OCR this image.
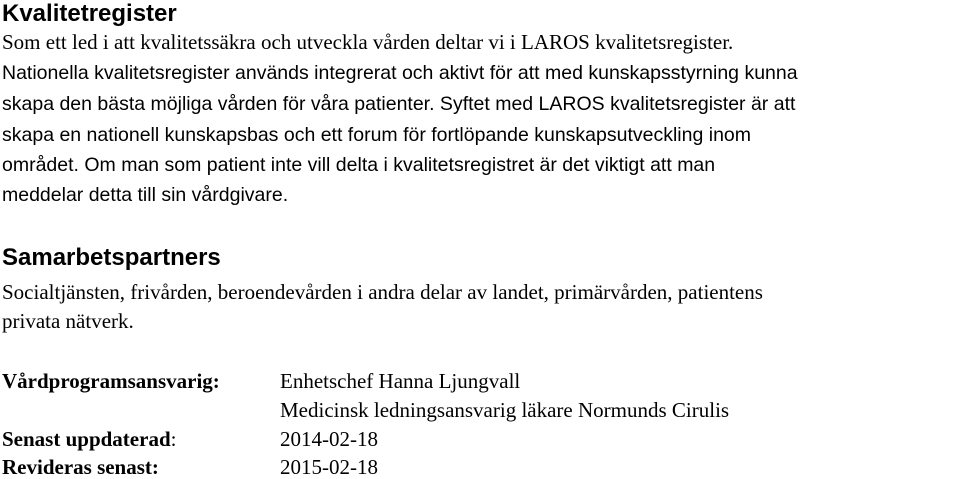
Kvalitetregister
Som ett led i att kvalitetssäkra och utveckla vården deltar vi i LAROS kvalitetsregister.
Nationella kvalitetsregister används integrerat och aktivt för att med kunskapsstyrning kunna
skapa den bästa möjliga vården för våra patienter. Syftet med LAROS kvalitetsregister är att
skapa en nationell kunskapsbas och ett forum för fortlöpande kunskapsutveckling inom
området. Om man som patient inte vill delta i kvalitetsregistret är det viktigt att man
meddelar detta till sin vårdgivare.
Samarbetspartners
Socialtjänsten, frivården, beroendevården i andra delar av landet, primärvården, patientens
privata nätverk.
Vårdprogramsansvarig:	Enhetschef Hanna Ljungvall
Medicinsk ledningsansvarig läkare Normunds Cirulis
Senast uppdaterad:	2014-02-18
Revideras senast:	2015-02-18
